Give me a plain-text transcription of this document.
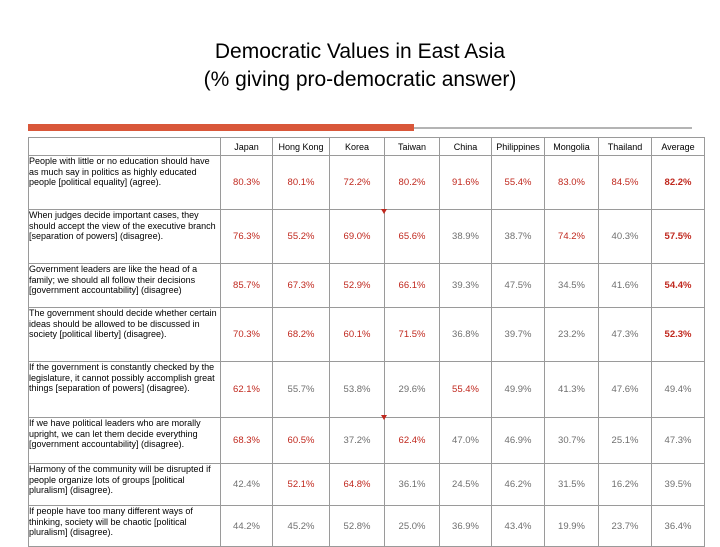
Democratic Values in East Asia
(% giving pro-democratic answer)
	Japan	Hong Kong	Korea	Taiwan	China	Philippines	Mongolia	Thailand	Average
People with little or no education should have as much say in politics as highly educated people [political equality] (agree).	80.3%	80.1%	72.2%	80.2%	91.6%	55.4%	83.0%	84.5%	82.2%
When judges decide important cases, they should accept the view of the executive branch [separation of powers] (disagree).	76.3%	55.2%	69.0%	65.6%	38.9%	38.7%	74.2%	40.3%	57.5%
Government leaders are like the head of a family; we should all follow their decisions [government accountability] (disagree)	85.7%	67.3%	52.9%	66.1%	39.3%	47.5%	34.5%	41.6%	54.4%
The government should decide whether certain ideas should be allowed to be discussed in society [political liberty] (disagree).	70.3%	68.2%	60.1%	71.5%	36.8%	39.7%	23.2%	47.3%	52.3%
If the government is constantly checked by the legislature, it cannot possibly accomplish great things [separation of powers] (disagree).	62.1%	55.7%	53.8%	29.6%	55.4%	49.9%	41.3%	47.6%	49.4%
If we have political leaders who are morally upright, we can let them decide everything [government accountability] (disagree).	68.3%	60.5%	37.2%	62.4%	47.0%	46.9%	30.7%	25.1%	47.3%
Harmony of the community will be disrupted if people organize lots of groups [political pluralism] (disagree).	42.4%	52.1%	64.8%	36.1%	24.5%	46.2%	31.5%	16.2%	39.5%
If people have too many different ways of thinking, society will be chaotic [political pluralism] (disagree).	44.2%	45.2%	52.8%	25.0%	36.9%	43.4%	19.9%	23.7%	36.4%
